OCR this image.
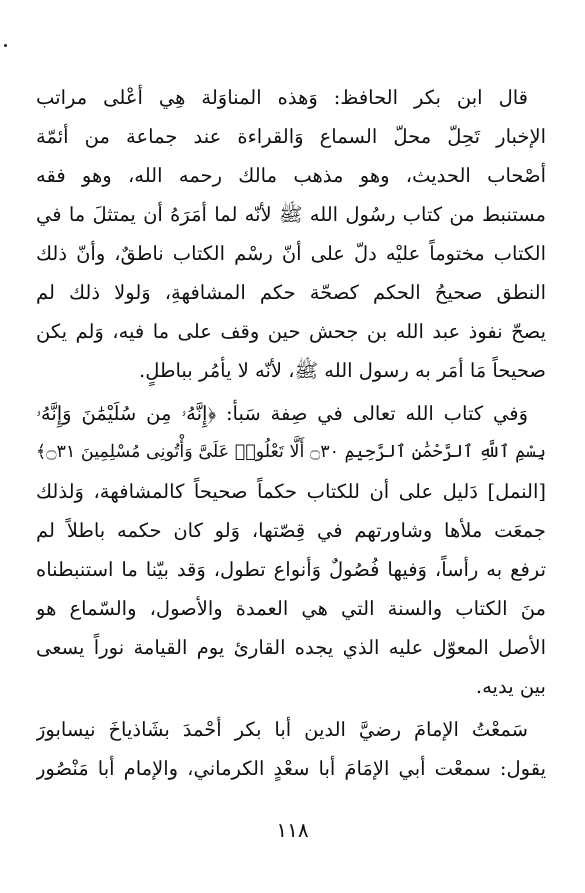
قال ابن بكر الحافظ: وَهذه المناوَلة هِي أعْلى مراتب
الإخبار تَحِلّ محلّ السماع وَالقراءة عند جماعة من أئمّة
أصْحاب الحديث، وهو مذهب مالك رحمه الله، وهو فقه
مستنبط من كتاب رسُول الله ﷺ لأنّه لما أمَرَهُ أن يمتثلَ ما في
الكتاب مختوماً عليْه دلّ على أنّ رسْم الكتاب ناطقٌ، وأنّ ذلك
النطق صحيحُ الحكم كصحّة حكم المشافهةِ، وَلولا ذلك لم
يصحّ نفوذ عبد الله بن جحش حين وقف على ما فيه، وَلم يكن
صحيحاً مَا أمَر به رسول الله ﷺ، لأنّه لا يأمُر بباطلٍ.
وَفي كتاب الله تعالى في صِفة سَبأ: ﴿إِنَّهُۥ مِن سُلَيْمَٰنَ وَإِنَّهُۥ
بِسْمِ ٱللَّهِ ٱلرَّحْمَٰنِ ٱلرَّحِيمِ ۝٣٠ أَلَّا تَعْلُوا۟ عَلَىَّ وَأْتُونِى مُسْلِمِينَ ۝٣١﴾
[النمل] دَليل على أن للكتاب حكماً صحيحاً كالمشافهة، وَلذلك
جمعَت ملأها وشاورتهم في قِصّتها، وَلو كان حكمه باطلاً لم
ترفع به رأساً، وَفيها فُصُولٌ وَأنواع تطول، وَقد بيّنا ما استنبطناه
منَ الكتاب والسنة التي هي العمدة والأصول، والسّماع هو
الأصل المعوّل عليه الذي يجده القارئ يوم القيامة نوراً يسعى
بين يديه.
سَمعْتُ الإمامَ رضيَّ الدين أبا بكر أحْمدَ بشَاذياخَ نيسابورَ
يقول: سمعْت أبي الإمَامَ أبا سعْدٍ الكرماني، والإمام أبا مَنْصُور
١١٨
